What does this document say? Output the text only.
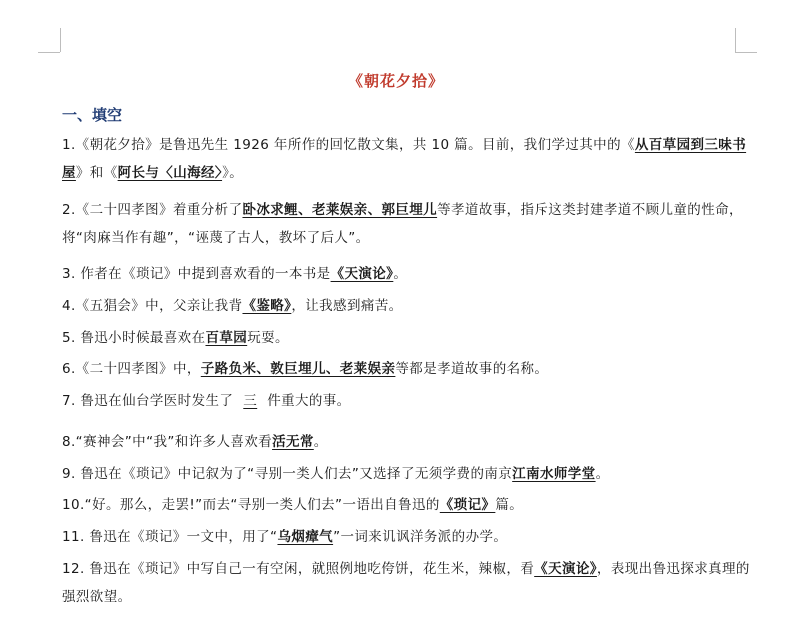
《朝花夕拾》
一、填空
1.《朝花夕拾》是鲁迅先生 1926 年所作的回忆散文集，共 10 篇。目前，我们学过其中的《从百草园到三味书屋》和《阿长与〈山海经〉》。
2.《二十四孝图》着重分析了卧冰求鲤、老莱娱亲、郭巨埋儿等孝道故事，指斥这类封建孝道不顾儿童的性命，将“肉麻当作有趣”，“诬蔑了古人，教坏了后人”。
3. 作者在《琐记》中提到喜欢看的一本书是《天演论》。
4.《五猖会》中，父亲让我背《鉴略》，让我感到痛苦。
5. 鲁迅小时候最喜欢在百草园玩耍。
6.《二十四孝图》中，子路负米、敦巨埋儿、老莱娱亲等都是孝道故事的名称。
7. 鲁迅在仙台学医时发生了 三 件重大的事。
8.“赛神会”中“我”和许多人喜欢看活无常。
9. 鲁迅在《琐记》中记叙为了“寻别一类人们去”又选择了无须学费的南京江南水师学堂。
10.“好。那么，走罢!”而去“寻别一类人们去”一语出自鲁迅的《琐记》篇。
11. 鲁迅在《琐记》一文中，用了“乌烟瘴气”一词来讥讽洋务派的办学。
12. 鲁迅在《琐记》中写自己一有空闲，就照例地吃侉饼，花生米，辣椒，看《天演论》，表现出鲁迅探求真理的强烈欲望。
